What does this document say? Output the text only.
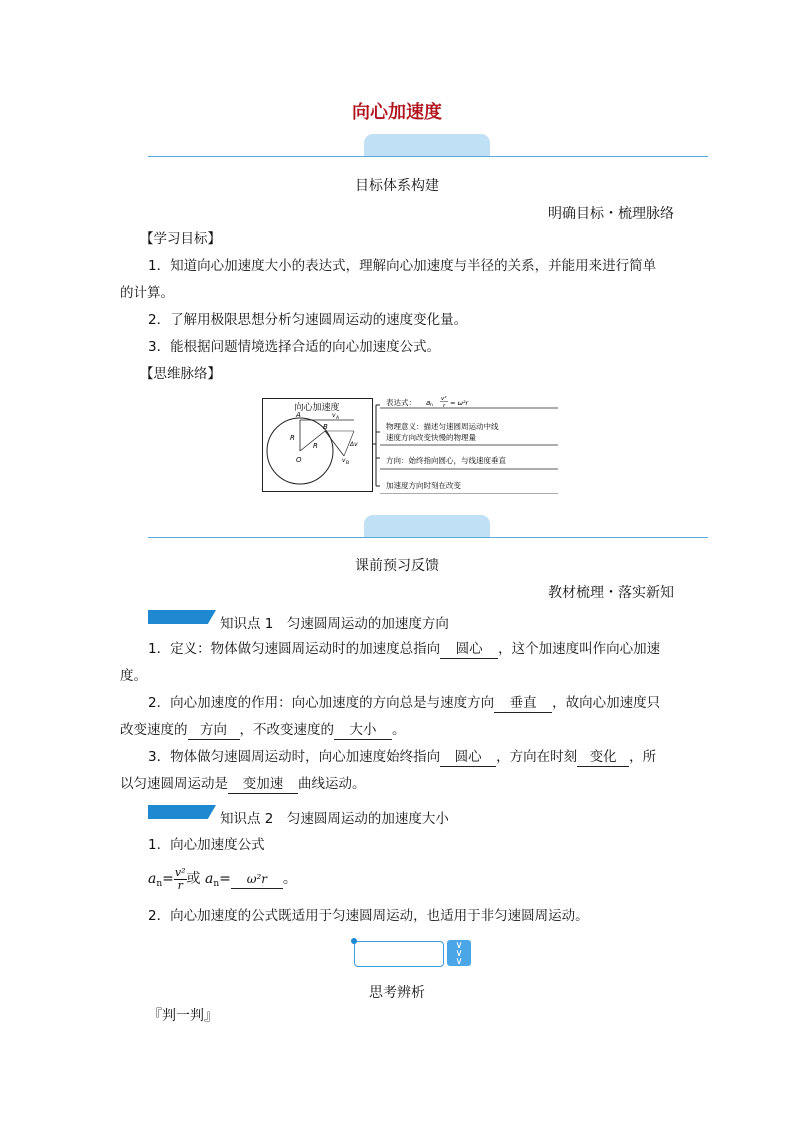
向心加速度
目标体系构建
明确目标・梳理脉络
【学习目标】
1．知道向心加速度大小的表达式，理解向心加速度与半径的关系，并能用来进行简单
的计算。
2．了解用极限思想分析匀速圆周运动的速度变化量。
3．能根据问题情境选择合适的向心加速度公式。
【思维脉络】
向心加速度
A
B
O
R
R
v A
v B
Δv
表达式： a n
v²
r = ω²r
物理意义：描述匀速圆周运动中线
速度方向改变快慢的物理量
方向：始终指向圆心，与线速度垂直
加速度方向时刻在改变
课前预习反馈
教材梳理・落实新知
知识点 1　匀速圆周运动的加速度方向
1．定义：物体做匀速圆周运动时的加速度总指向 圆心 ，这个加速度叫作向心加速
度。
2．向心加速度的作用：向心加速度的方向总是与速度方向 垂直 ，故向心加速度只
改变速度的 方向 ，不改变速度的 大小 。
3．物体做匀速圆周运动时，向心加速度始终指向 圆心 ，方向在时刻 变化 ，所
以匀速圆周运动是 变加速 曲线运动。
知识点 2　匀速圆周运动的加速度大小
1．向心加速度公式
$a_n= \frac{\text{v²}}{r}$ 或 $a_n= \omega^2r$ 。
2．向心加速度的公式既适用于匀速圆周运动，也适用于非匀速圆周运动。
∨
∨
∨
思考辨析
『判一判』
